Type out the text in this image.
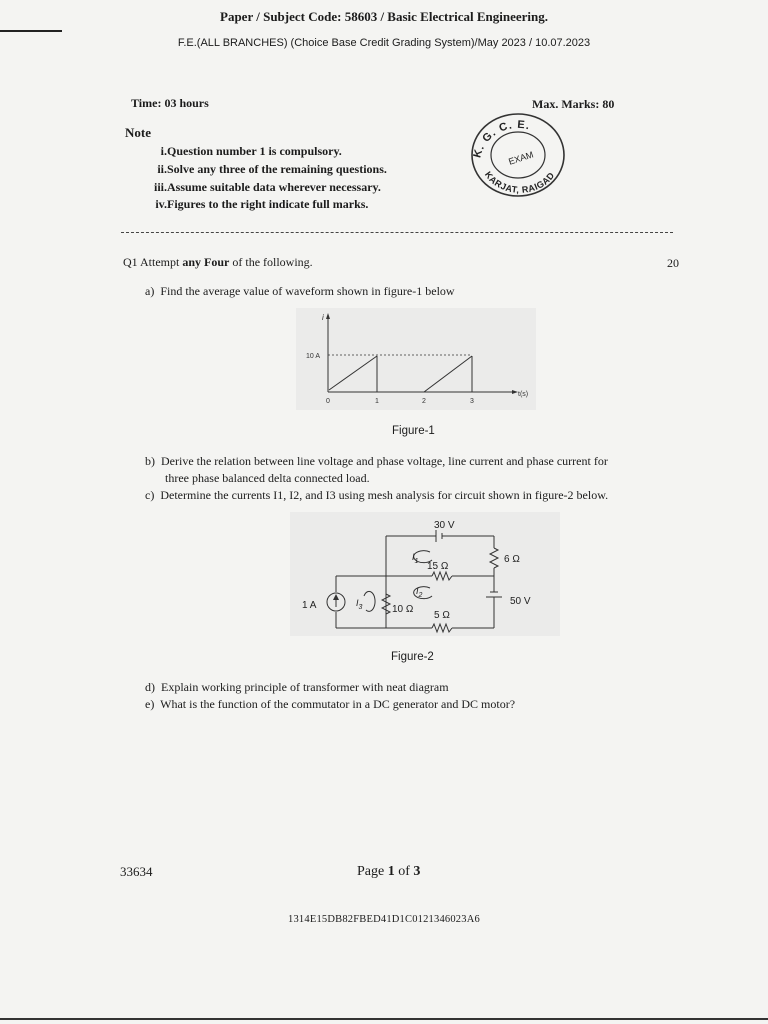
Paper / Subject Code: 58603 / Basic Electrical Engineering.
F.E.(ALL BRANCHES) (Choice Base Credit Grading System)/May 2023 / 10.07.2023
Time: 03 hours	Max. Marks: 80
K. G. C. E.
KARJAT, RAIGAD
EXAM
Note
i. Question number 1 is compulsory.
ii. Solve any three of the remaining questions.
iii. Assume suitable data wherever necessary.
iv. Figures to the right indicate full marks.
Q1 Attempt any Four of the following.	20
a) Find the average value of waveform shown in figure-1 below
i
t(s)
10 A
0	1	2	3
Figure-1
b) Derive the relation between line voltage and phase voltage, line current and phase current for
three phase balanced delta connected load.
c) Determine the currents I1, I2, and I3 using mesh analysis for circuit shown in figure-2 below.
30 V
6 Ω
15 Ω
$I_1$
$I_2$
$I_3$
50 V
1 A	10 Ω
5 Ω
Figure-2
d) Explain working principle of transformer with neat diagram
e) What is the function of the commutator in a DC generator and DC motor?
33634	Page 1 of 3
1314E15DB82FBED41D1C0121346023A6
